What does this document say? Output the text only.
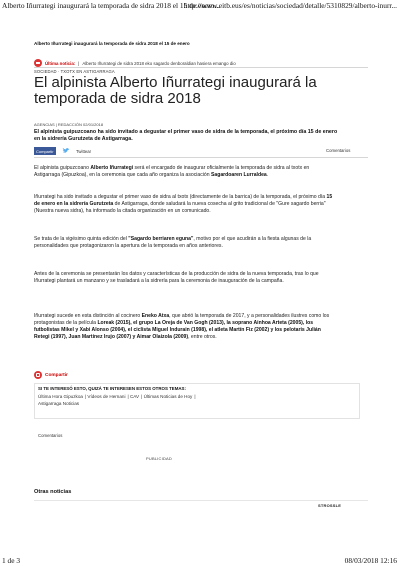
Alberto Iñurrategi inaugurará la temporada de sidra 2018 el 15 de enero...
http://www.eitb.eus/es/noticias/sociedad/detalle/5310829/alberto-inurr...
Alberto Iñurrategi inaugurará la temporada de sidra 2018 el 15 de enero
Última noticia: | Alberto Iñurrategi de sidra 2018 eko sagardo denboraldian hasiera emango dio
SOCIEDAD · TXOTX EN ASTIGARRAGA
El alpinista Alberto Iñurrategi inaugurará la temporada de sidra 2018
AGENCIAS | REDACCIÓN 02/01/2018
El alpinista guipuzcoano ha sido invitado a degustar el primer vaso de sidra de la temporada, el próximo día 15 de enero en la sidrería Gurutzeta de Astigarraga.
Compartir	Twittear	Comentarios
El alpinista guipuzcoano Alberto Iñurrategi será el encargado de inaugurar oficialmente la temporada de sidra al txotx en Astigarraga (Gipuzkoa), en la ceremonia que cada año organiza la asociación Sagardoaren Lurraldea.
Iñurrategi ha sido invitado a degustar el primer vaso de sidra al txotx (directamente de la barrica) de la temporada, el próximo día 15 de enero en la sidrería Gurutzeta de Astigarraga, donde saludará la nueva cosecha al grito tradicional de "Gure sagardo berria" (Nuestra nueva sidra), ha informado la citada organización en un comunicado.
Se trata de la vigésimo quinta edición del "Sagardo berriaren eguna", motivo por el que acudirán a la fiesta algunas de la personalidades que protagonizaron la apertura de la temporada en años anteriores.
Antes de la ceremonia se presentarán los datos y características de la producción de sidra de la nueva temporada, tras lo que Iñurrategi plantará un manzano y se trasladará a la sidrería para la ceremonia de inauguración de la campaña.
Iñurrategi sucede en esta distinción al cocinero Eneko Atxa, que abrió la temporada de 2017, y a personalidades ilustres como los protagonistas de la película Loreak (2015), el grupo La Oreja de Van Gogh (2013), la soprano Ainhoa Arteta (2005), los futbolistas Mikel y Xabi Alonso (2004), el ciclista Miguel Indurain (1998), el atleta Martín Fiz (2002) y los pelotaris Julián Retegi (1997), Juan Martínez Irujo (2007) y Aimar Olaizola (2009), entre otros.
Compartir
SI TE INTERESÓ ESTO, QUIZÁ TE INTERESEN ESTOS OTROS TEMAS:
Última Hora Gipuzkoa | Vídeos de Hernani | CAV | Últimas Noticias de Hoy |
Astigarraga Noticias
Comentarios
PUBLICIDAD
Otras noticias
STROSSLE
1 de 3	08/03/2018 12:16
